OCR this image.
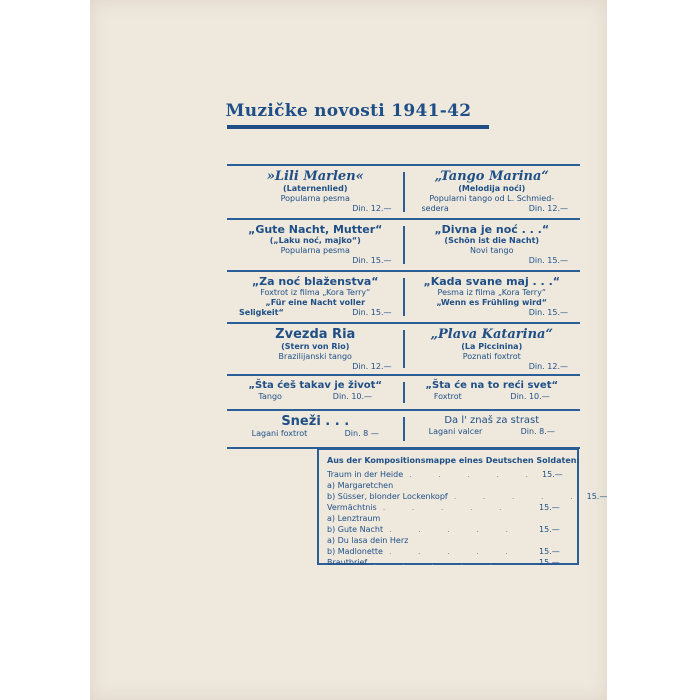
Muzičke novosti 1941-42
»Lili Marlen«
(Laternenlied)
Popularna pesma
Din. 12.—
„Tango Marina“
(Melodija noći)
Popularni tango od L. Schmied-
sedera	Din. 12.—
„Gute Nacht, Mutter“
(„Laku noć, majko“)
Popularna pesma
Din. 15.—
„Divna je noć . . .“
(Schön ist die Nacht)
Novi tango
Din. 15.—
„Za noć blaženstva“
Foxtrot iz filma „Kora Terry“
„Für eine Nacht voller
Seligkeit“	Din. 15.—
„Kada svane maj . . .“
Pesma iz filma „Kora Terry“
„Wenn es Frühling wird“
Din. 15.—
Zvezda Ria
(Stern von Rio)
Brazilijanski tango
Din. 12.—
„Plava Katarina“
(La Piccinina)
Poznati foxtrot
Din. 12.—
„Šta ćeš takav je život“
Tango	Din. 10.—
„Šta će na to reći svet“
Foxtrot	Din. 10.—
Sneži . . .
Lagani foxtrot	Din. 8 —
Da l' znaš za strast
Lagani valcer	Din. 8.—
Aus der Kompositionsmappe eines Deutschen Soldaten:
Traum in der Heide . . . . . 15.—
a) Margaretchen
b) Süsser, blonder Lockenkopf . . . . . 15.—
Vermächtnis . . . . .	15.—
a) Lenztraum
b) Gute Nacht . . . . .	15.—
a) Du lasa dein Herz
b) Madlonette . . . . .	15.—
Brautbrief . . . . .	15.—
